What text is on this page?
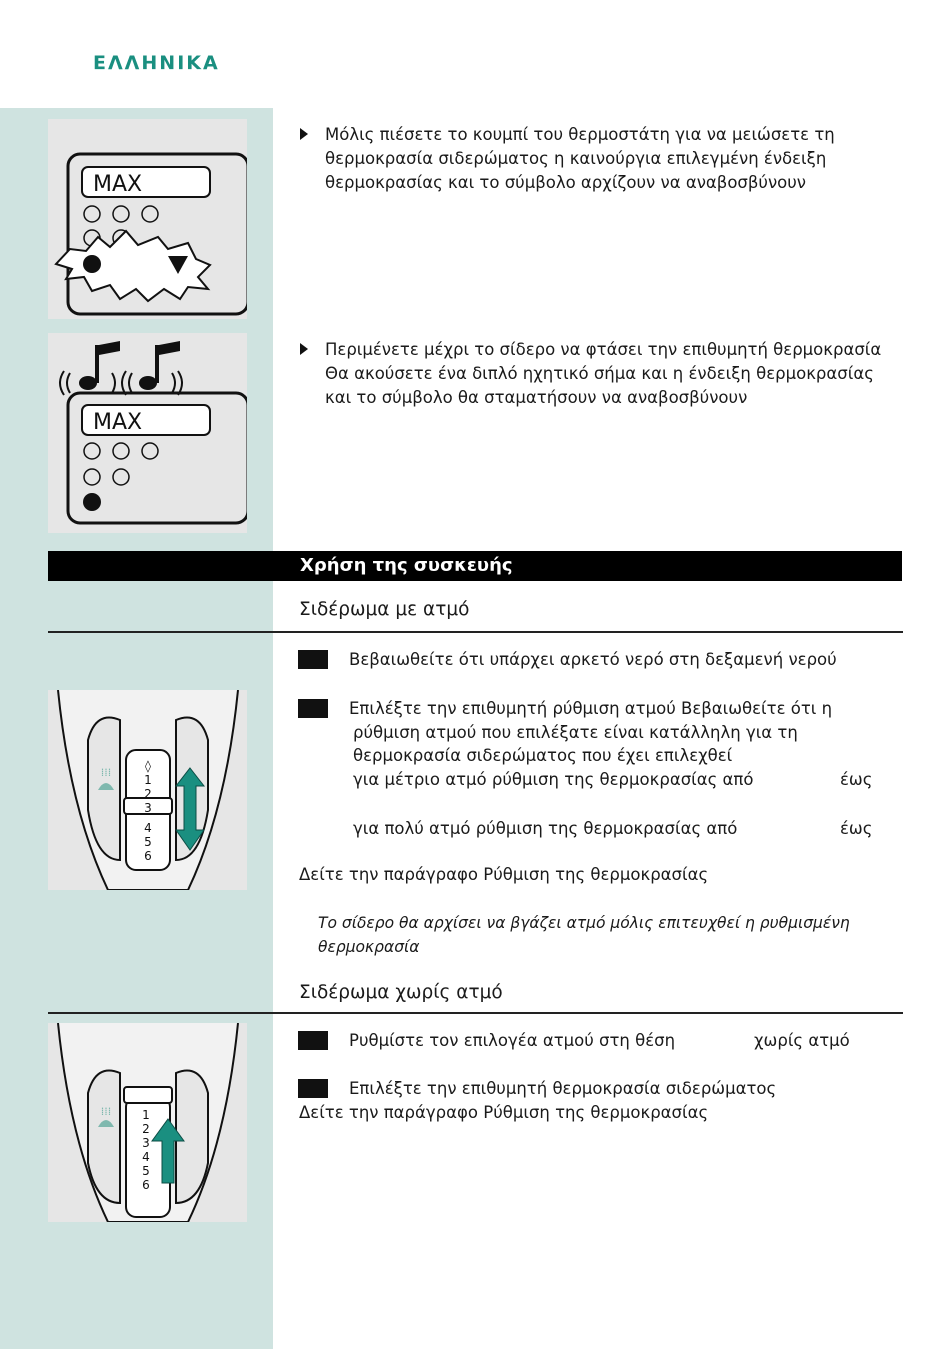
ΕΛΛΗΝΙΚΑ
MAX
Μόλις πιέσετε το κουμπί του θερμοστάτη για να μειώσετε τη θερμοκρασία σιδερώματος η καινούργια επιλεγμένη ένδειξη θερμοκρασίας και το σύμβολο αρχίζουν να αναβοσβύνουν
MAX
Περιμένετε μέχρι το σίδερο να φτάσει την επιθυμητή θερμοκρασία Θα ακούσετε ένα διπλό ηχητικό σήμα και η ένδειξη θερμοκρασίας και το σύμβολο θα σταματήσουν να αναβοσβύνουν
Χρήση της συσκευής
Σιδέρωμα με ατμό
Βεβαιωθείτε ότι υπάρχει αρκετό νερό στη δεξαμενή νερού
Επιλέξτε την επιθυμητή ρύθμιση ατμού Βεβαιωθείτε ότι η
ρύθμιση ατμού που επιλέξατε είναι κατάλληλη για τη
θερμοκρασία σιδερώματος που έχει επιλεχθεί
για μέτριο ατμό ρύθμιση της θερμοκρασίας από	έως
για πολύ ατμό ρύθμιση της θερμοκρασίας από	έως
Δείτε την παράγραφο Ρύθμιση της θερμοκρασίας
Το σίδερο θα αρχίσει να βγάζει ατμό μόλις επιτευχθεί η ρυθμισμένη
θερμοκρασία
◊
1
2
3
4
5
6
⁞⁞⁞
Σιδέρωμα χωρίς ατμό
Ρυθμίστε τον επιλογέα ατμού στη θέση	χωρίς ατμό
Επιλέξτε την επιθυμητή θερμοκρασία σιδερώματος
Δείτε την παράγραφο Ρύθμιση της θερμοκρασίας
1
2
3
4
5
6
⁞⁞⁞
